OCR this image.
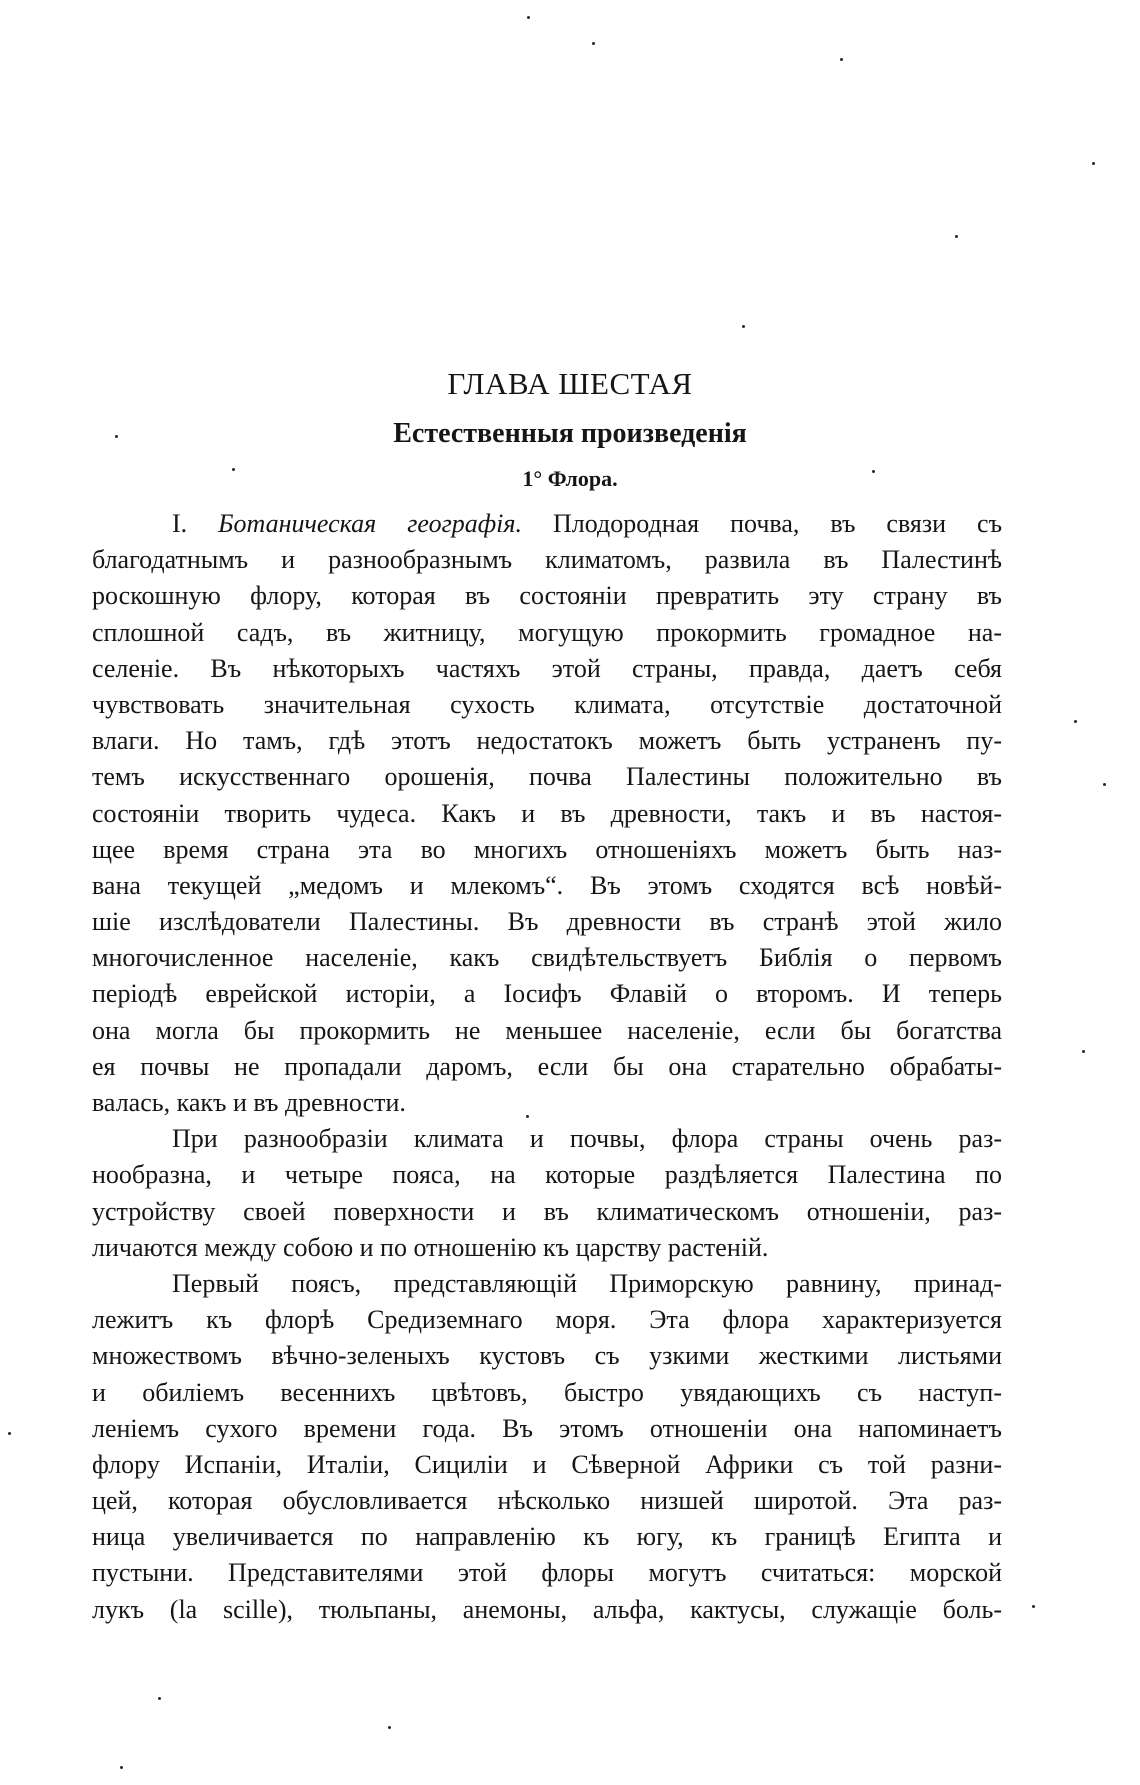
ГЛАВА ШЕСТАЯ
Естественныя произведенія
1° Флора.
I. Ботаническая географія. Плодородная почва, въ связи съ
благодатнымъ и разнообразнымъ климатомъ, развила въ Палестинѣ
роскошную флору, которая въ состояніи превратить эту страну въ
сплошной садъ, въ житницу, могущую прокормить громадное на-
селеніе. Въ нѣкоторыхъ частяхъ этой страны, правда, даетъ себя
чувствовать значительная сухость климата, отсутствіе достаточной
влаги. Но тамъ, гдѣ этотъ недостатокъ можетъ быть устраненъ пу-
темъ искусственнаго орошенія, почва Палестины положительно въ
состояніи творить чудеса. Какъ и въ древности, такъ и въ настоя-
щее время страна эта во многихъ отношеніяхъ можетъ быть наз-
вана текущей „медомъ и млекомъ“. Въ этомъ сходятся всѣ новѣй-
шіе изслѣдователи Палестины. Въ древности въ странѣ этой жило
многочисленное населеніе, какъ свидѣтельствуетъ Библія о первомъ
періодѣ еврейской исторіи, а Іосифъ Флавій о второмъ. И теперь
она могла бы прокормить не меньшее населеніе, если бы богатства
ея почвы не пропадали даромъ, если бы она старательно обрабаты-
валась, какъ и въ древности.
При разнообразіи климата и почвы, флора страны очень раз-
нообразна, и четыре пояса, на которые раздѣляется Палестина по
устройству своей поверхности и въ климатическомъ отношеніи, раз-
личаются между собою и по отношенію къ царству растеній.
Первый поясъ, представляющій Приморскую равнину, принад-
лежитъ къ флорѣ Средиземнаго моря. Эта флора характеризуется
множествомъ вѣчно-зеленыхъ кустовъ съ узкими жесткими листьями
и обиліемъ весеннихъ цвѣтовъ, быстро увядающихъ съ наступ-
леніемъ сухого времени года. Въ этомъ отношеніи она напоминаетъ
флору Испаніи, Италіи, Сициліи и Сѣверной Африки съ той разни-
цей, которая обусловливается нѣсколько низшей широтой. Эта раз-
ница увеличивается по направленію къ югу, къ границѣ Египта и
пустыни. Представителями этой флоры могутъ считаться: морской
лукъ (la scille), тюльпаны, анемоны, альфа, кактусы, служащіе боль-
